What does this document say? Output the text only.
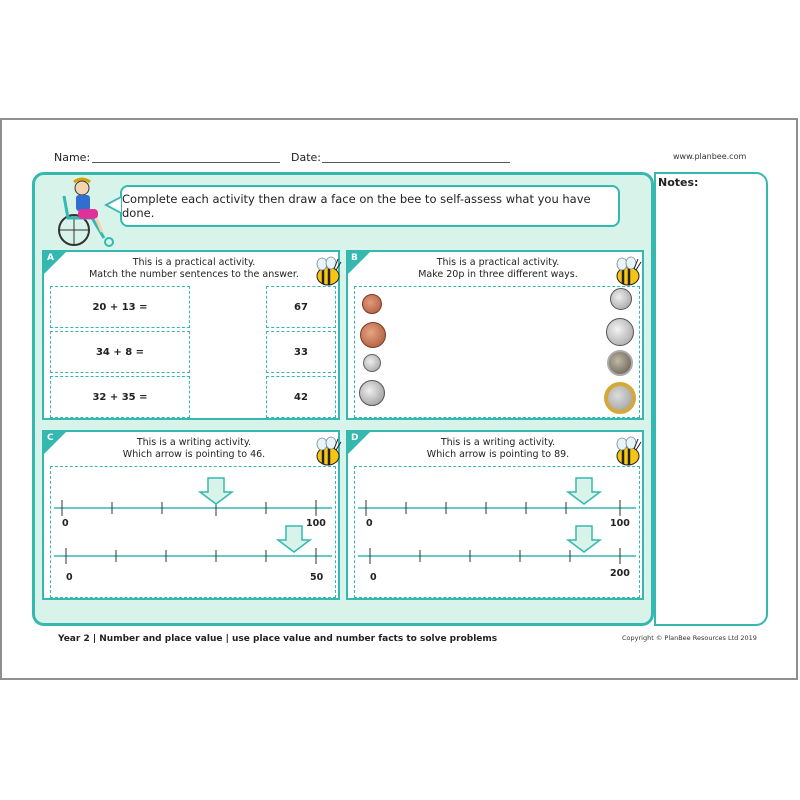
Name:	Date:	www.planbee.com
Notes:
Complete each activity then draw a face on the bee to self-assess what you have done.
A	This is a practical activity.
Match the number sentences to the answer.
20 + 13 =
34 + 8 =
32 + 35 =
67
33
42
B	This is a practical activity.
Make 20p in three different ways.
C	This is a writing activity.
Which arrow is pointing to 46.
0	100
0	50
D	This is a writing activity.
Which arrow is pointing to 89.
0	100
0	200
Year 2 | Number and place value | use place value and number facts to solve problems	Copyright © PlanBee Resources Ltd 2019
